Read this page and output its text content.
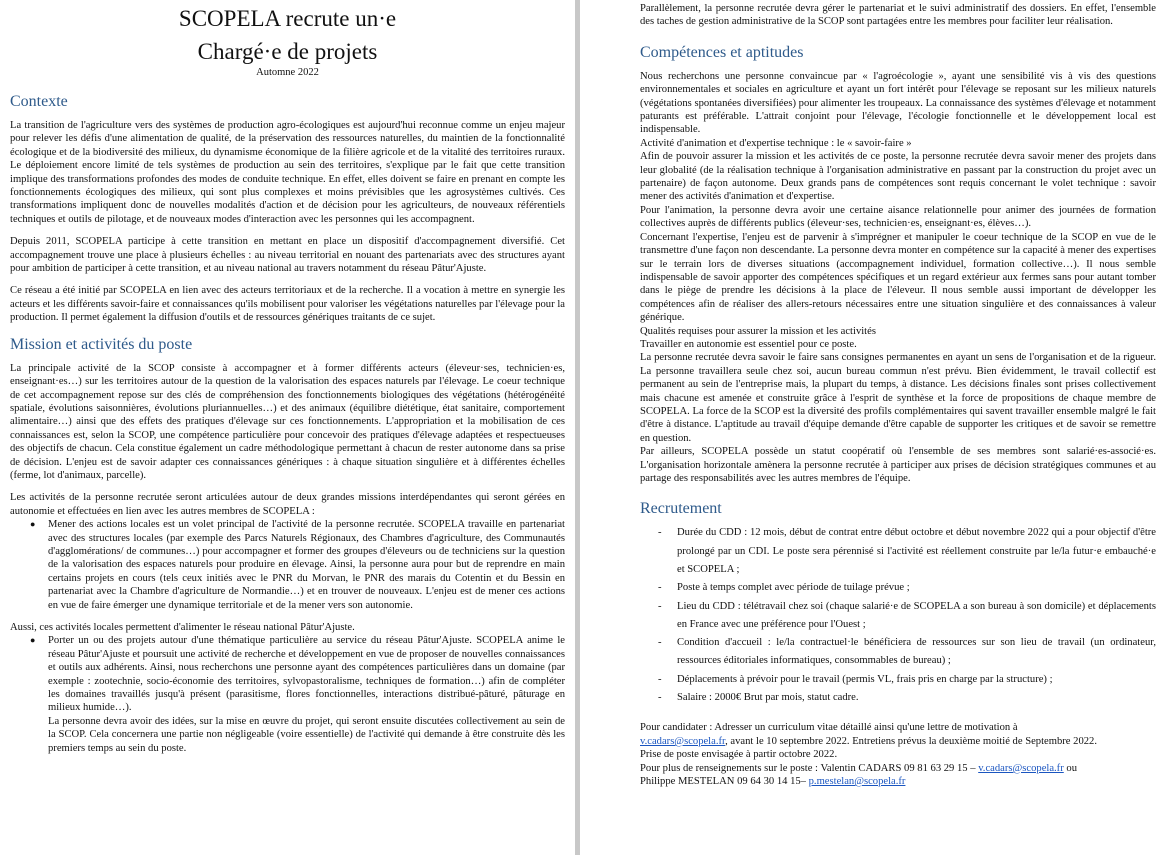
SCOPELA recrute un·e
Chargé·e de projets
Automne 2022
Contexte

La transition de l'agriculture vers des systèmes de production agro-écologiques est aujourd'hui reconnue comme un enjeu majeur pour relever les défis d'une alimentation de qualité, de la préservation des ressources naturelles, du maintien de la fonctionnalité écologique et de la biodiversité des milieux, du dynamisme économique de la filière agricole et de la vitalité des territoires ruraux. Le déploiement encore limité de tels systèmes de production au sein des territoires, s'explique par le fait que cette transition implique des transformations profondes des modes de conduite technique. En effet, elles doivent se faire en prenant en compte les fonctionnements écologiques des milieux, qui sont plus complexes et moins prévisibles que les agrosystèmes cultivés. Ces transformations impliquent donc de nouvelles modalités d'action et de décision pour les agriculteurs, de nouveaux référentiels techniques et outils de pilotage, et de nouveaux modes d'interaction avec les personnes qui les accompagnent.

Depuis 2011, SCOPELA participe à cette transition en mettant en place un dispositif d'accompagnement diversifié. Cet accompagnement trouve une place à plusieurs échelles : au niveau territorial en nouant des partenariats avec des structures ayant pour ambition de participer à cette transition, et au niveau national au travers notamment du réseau Pâtur'Ajuste.

Ce réseau a été initié par SCOPELA en lien avec des acteurs territoriaux et de la recherche. Il a vocation à mettre en synergie les acteurs et les différents savoir-faire et connaissances qu'ils mobilisent pour valoriser les végétations naturelles par l'élevage pour la production. Il permet également la diffusion d'outils et de ressources génériques traitants de ce sujet.

Mission et activités du poste

La principale activité de la SCOP consiste à accompagner et à former différents acteurs (éleveur·ses, technicien·es, enseignant·es…) sur les territoires autour de la question de la valorisation des espaces naturels par l'élevage. Le coeur technique de cet accompagnement repose sur des clés de compréhension des fonctionnements biologiques des végétations (hétérogénéité spatiale, évolutions saisonnières, évolutions pluriannuelles…) et des animaux (équilibre diététique, état sanitaire, comportement alimentaire…) ainsi que des effets des pratiques d'élevage sur ces fonctionnements. L'appropriation et la mobilisation de ces connaissances est, selon la SCOP, une compétence particulière pour concevoir des pratiques d'élevage adaptées et respectueuses des objectifs de chacun. Cela constitue également un cadre méthodologique permettant à chacun de rester autonome dans sa prise de décision. L'enjeu est de savoir adapter ces connaissances génériques : à chaque situation singulière et à différentes échelles (ferme, lot d'animaux, parcelle).

Les activités de la personne recrutée seront articulées autour de deux grandes missions interdépendantes qui seront gérées en autonomie et effectuées en lien avec les autres membres de SCOPELA :

● Mener des actions locales est un volet principal de l'activité de la personne recrutée. SCOPELA travaille en partenariat avec des structures locales (par exemple des Parcs Naturels Régionaux, des Chambres d'agriculture, des Communautés d'agglomérations/ de communes…) pour accompagner et former des groupes d'éleveurs ou de techniciens sur la question de la valorisation des espaces naturels pour produire en élevage. Ainsi, la personne aura pour but de reprendre en main certains projets en cours (tels ceux initiés avec le PNR du Morvan, le PNR des marais du Cotentin et du Bessin en partenariat avec la Chambre d'agriculture de Normandie…) et en trouver de nouveaux. L'enjeu est de mener ces actions en vue de faire émerger une dynamique territoriale et de la mener vers son autonomie.

Aussi, ces activités locales permettent d'alimenter le réseau national Pâtur'Ajuste.

● Porter un ou des projets autour d'une thématique particulière au service du réseau Pâtur'Ajuste. SCOPELA anime le réseau Pâtur'Ajuste et poursuit une activité de recherche et développement en vue de proposer de nouvelles connaissances et outils aux adhérents. Ainsi, nous recherchons une personne ayant des compétences particulières dans un domaine (par exemple : zootechnie, socio-économie des territoires, sylvopastoralisme, techniques de formation…) afin de compléter les domaines travaillés jusqu'à présent (parasitisme, flores fonctionnelles, interactions distribué-pâturé, pâturage en milieux humide…).

La personne devra avoir des idées, sur la mise en œuvre du projet, qui seront ensuite discutées collectivement au sein de la SCOP. Cela concernera une partie non négligeable (voire essentielle) de l'activité qui demande à être construite dès les premiers temps au sein du poste.

Parallèlement, la personne recrutée devra gérer le partenariat et le suivi administratif des dossiers. En effet, l'ensemble des taches de gestion administrative de la SCOP sont partagées entre les membres pour faciliter leur réalisation.

Compétences et aptitudes

Nous recherchons une personne convaincue par « l'agroécologie », ayant une sensibilité vis à vis des questions environnementales et sociales en agriculture et ayant un fort intérêt pour l'élevage se reposant sur les milieux naturels (végétations spontanées diversifiées) pour alimenter les troupeaux. La connaissance des systèmes d'élevage et notamment paturants est préférable. L'attrait conjoint pour l'élevage, l'écologie fonctionnelle et le développement local est indispensable.

Activité d'animation et d'expertise technique : le « savoir-faire »

Afin de pouvoir assurer la mission et les activités de ce poste, la personne recrutée devra savoir mener des projets dans leur globalité (de la réalisation technique à l'organisation administrative en passant par la construction du projet avec un partenaire) de façon autonome. Deux grands pans de compétences sont requis concernant le volet technique : savoir mener des activités d'animation et d'expertise.

Pour l'animation, la personne devra avoir une certaine aisance relationnelle pour animer des journées de formation collectives auprès de différents publics (éleveur·ses, technicien·es, enseignant·es, élèves…).

Concernant l'expertise, l'enjeu est de parvenir à s'imprégner et manipuler le coeur technique de la SCOP en vue de le transmettre d'une façon non descendante. La personne devra monter en compétence sur la capacité à mener des expertises sur le terrain lors de diverses situations (accompagnement individuel, formation collective…). Il nous semble indispensable de savoir apporter des compétences spécifiques et un regard extérieur aux fermes sans pour autant tomber dans le piège de prendre les décisions à la place de l'éleveur. Il nous semble aussi important de développer les compétences afin de réaliser des allers-retours nécessaires entre une situation singulière et des connaissances à valeur générique.

Qualités requises pour assurer la mission et les activités

Travailler en autonomie est essentiel pour ce poste.

La personne recrutée devra savoir le faire sans consignes permanentes en ayant un sens de l'organisation et de la rigueur. La personne travaillera seule chez soi, aucun bureau commun n'est prévu. Bien évidemment, le travail collectif est permanent au sein de l'entreprise mais, la plupart du temps, à distance. Les décisions finales sont prises collectivement mais chacune est amenée et construite grâce à l'esprit de synthèse et la force de propositions de chaque membre de SCOPELA. La force de la SCOP est la diversité des profils complémentaires qui savent travailler ensemble malgré le fait d'être à distance. L'aptitude au travail d'équipe demande d'être capable de supporter les critiques et de savoir se remettre en question.

Par ailleurs, SCOPELA possède un statut coopératif où l'ensemble de ses membres sont salarié·es-associé·es. L'organisation horizontale amènera la personne recrutée à participer aux prises de décision stratégiques communes et au partage des responsabilités avec les autres membres de l'équipe.

Recrutement
- Durée du CDD : 12 mois, début de contrat entre début octobre et début novembre 2022 qui a pour objectif d'être prolongé par un CDI. Le poste sera pérennisé si l'activité est réellement construite par le/la futur·e embauché·e et SCOPELA ;
- Poste à temps complet avec période de tuilage prévue ;
- Lieu du CDD : télétravail chez soi (chaque salarié·e de SCOPELA a son bureau à son domicile) et déplacements en France avec une préférence pour l'Ouest ;
- Condition d'accueil : le/la contractuel·le bénéficiera de ressources sur son lieu de travail (un ordinateur, ressources éditoriales informatiques, consommables de bureau) ;
- Déplacements à prévoir pour le travail (permis VL, frais pris en charge par la structure) ;
- Salaire : 2000€ Brut par mois, statut cadre.

Pour candidater : Adresser un curriculum vitae détaillé ainsi qu'une lettre de motivation à

v.cadars@scopela.fr, avant le 10 septembre 2022. Entretiens prévus la deuxième moitié de Septembre 2022.

Prise de poste envisagée à partir octobre 2022.

Pour plus de renseignements sur le poste : Valentin CADARS 09 81 63 29 15 – v.cadars@scopela.fr ou

Philippe MESTELAN 09 64 30 14 15– p.mestelan@scopela.fr
